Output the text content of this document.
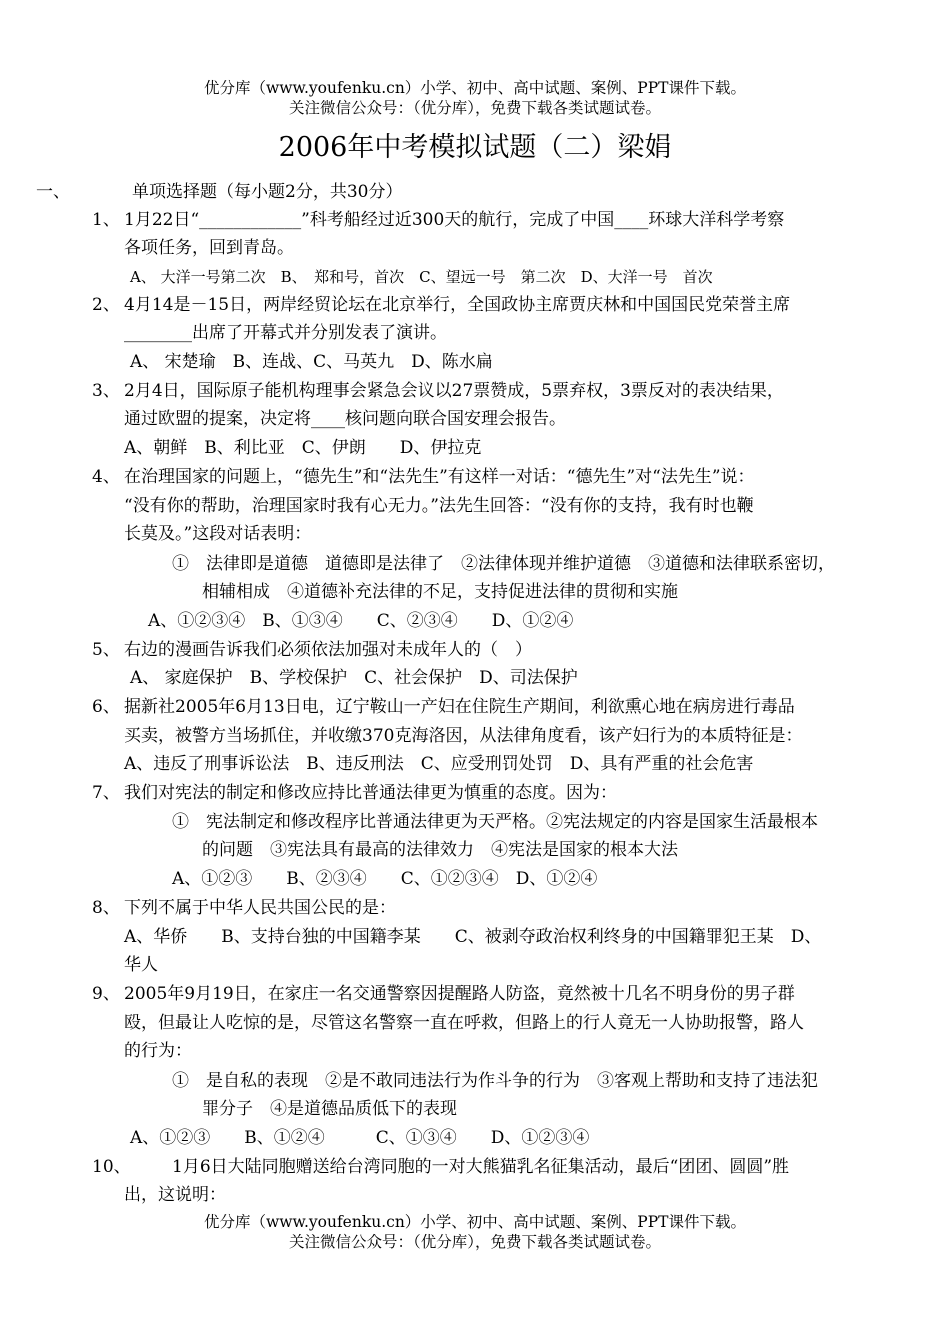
优分库（www.youfenku.cn）小学、初中、高中试题、案例、PPT课件下载。
关注微信公众号：（优分库），免费下载各类试题试卷。
2006年中考模拟试题（二）梁娟
一、	单项选择题（每小题2分，共30分）
1、 1月22日“____________”科考船经过近300天的航行，完成了中国____环球大洋科学考察
各项任务，回到青岛。
A、 大洋一号第二次　B、　郑和号，首次　C、望远一号　第二次　D、大洋一号　首次
2、 4月14是－15日，两岸经贸论坛在北京举行，全国政协主席贾庆林和中国国民党荣誉主席
________出席了开幕式并分别发表了演讲。
A、 宋楚瑜　B、连战、C、马英九　D、陈水扁
3、 2月4日，国际原子能机构理事会紧急会议以27票赞成，5票弃权，3票反对的表决结果，
通过欧盟的提案，决定将____核问题向联合国安理会报告。
A、朝鲜　B、利比亚　C、伊朗　　D、伊拉克
4、 在治理国家的问题上，“德先生”和“法先生”有这样一对话：“德先生”对“法先生”说：
“没有你的帮助，治理国家时我有心无力。”法先生回答：“没有你的支持，我有时也鞭
长莫及。”这段对话表明：
①　法律即是道德　道德即是法律了　②法律体现并维护道德　③道德和法律联系密切，
相辅相成　④道德补充法律的不足，支持促进法律的贯彻和实施
A、①②③④　B、①③④　　C、②③④　　D、①②④
5、 右边的漫画告诉我们必须依法加强对未成年人的（　）
A、 家庭保护　B、学校保护　C、社会保护　D、司法保护
6、 据新社2005年6月13日电，辽宁鞍山一产妇在住院生产期间，利欲熏心地在病房进行毒品
买卖，被警方当场抓住，并收缴370克海洛因，从法律角度看，该产妇行为的本质特征是：
A、违反了刑事诉讼法　B、违反刑法　C、应受刑罚处罚　D、具有严重的社会危害
7、 我们对宪法的制定和修改应持比普通法律更为慎重的态度。因为：
①　宪法制定和修改程序比普通法律更为天严格。②宪法规定的内容是国家生活最根本
的问题　③宪法具有最高的法律效力　④宪法是国家的根本大法
A、①②③　　B、②③④　　C、①②③④　D、①②④
8、 下列不属于中华人民共国公民的是：
A、华侨　　B、支持台独的中国籍李某　　C、被剥夺政治权利终身的中国籍罪犯王某　D、
华人
9、 2005年9月19日，在家庄一名交通警察因提醒路人防盗，竟然被十几名不明身份的男子群
殴，但最让人吃惊的是，尽管这名警察一直在呼救，但路上的行人竟无一人协助报警，路人
的行为：
①　是自私的表现　②是不敢同违法行为作斗争的行为　③客观上帮助和支持了违法犯
罪分子　④是道德品质低下的表现
A、①②③　　B、①②④　　　C、①③④　　D、①②③④
10、 1月6日大陆同胞赠送给台湾同胞的一对大熊猫乳名征集活动，最后“团团、圆圆”胜
出，这说明：
优分库（www.youfenku.cn）小学、初中、高中试题、案例、PPT课件下载。
关注微信公众号：（优分库），免费下载各类试题试卷。
